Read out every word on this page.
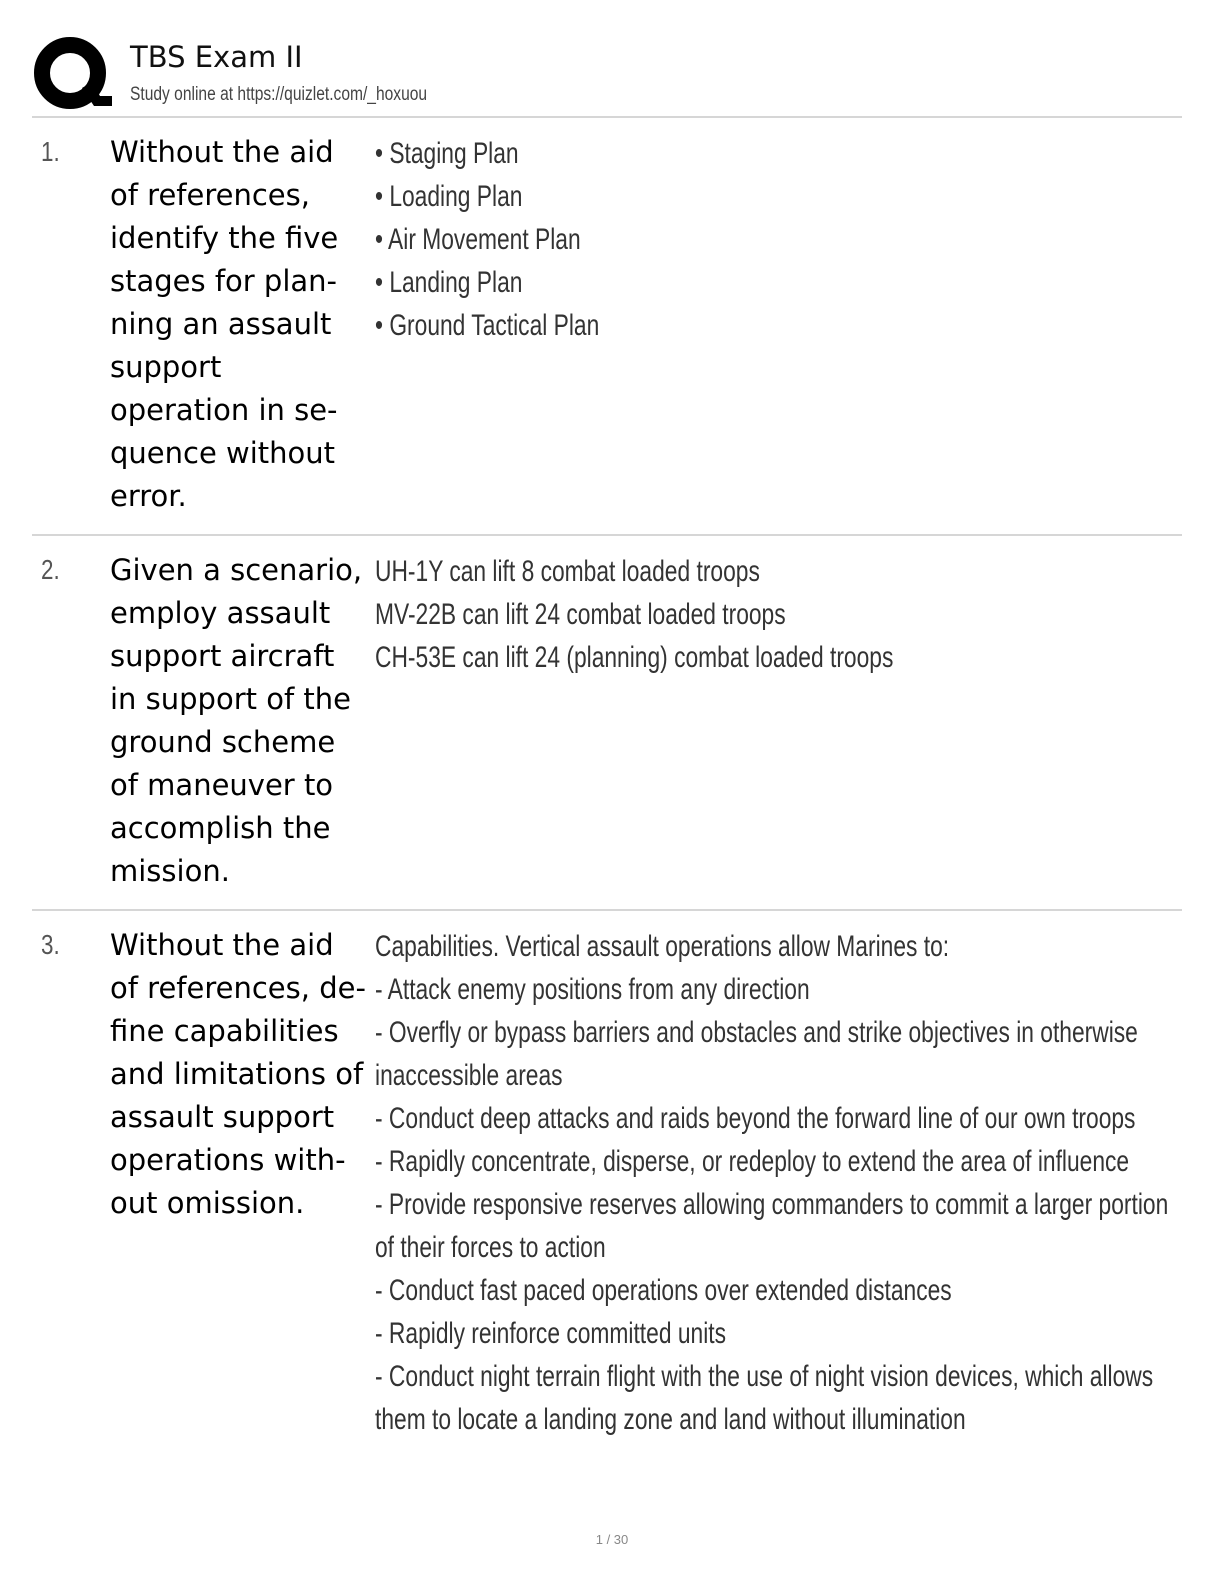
TBS Exam II
Study online at https://quizlet.com/_hoxuou
1. Without the aid
of references,
identify the five
stages for plan-
ning an assault
support
operation in se-
quence without
error.
• Staging Plan
• Loading Plan
• Air Movement Plan
• Landing Plan
• Ground Tactical Plan
2. Given a scenario,
employ assault
support aircraft
in support of the
ground scheme
of maneuver to
accomplish the
mission.
UH-1Y can lift 8 combat loaded troops
MV-22B can lift 24 combat loaded troops
CH-53E can lift 24 (planning) combat loaded troops
3. Without the aid
of references, de-
fine capabilities
and limitations of
assault support
operations with-
out omission.
Capabilities. Vertical assault operations allow Marines to:
- Attack enemy positions from any direction
- Overfly or bypass barriers and obstacles and strike objectives in otherwise
inaccessible areas
- Conduct deep attacks and raids beyond the forward line of our own troops
- Rapidly concentrate, disperse, or redeploy to extend the area of influence
- Provide responsive reserves allowing commanders to commit a larger portion
of their forces to action
- Conduct fast paced operations over extended distances
- Rapidly reinforce committed units
- Conduct night terrain flight with the use of night vision devices, which allows
them to locate a landing zone and land without illumination
1 / 30
